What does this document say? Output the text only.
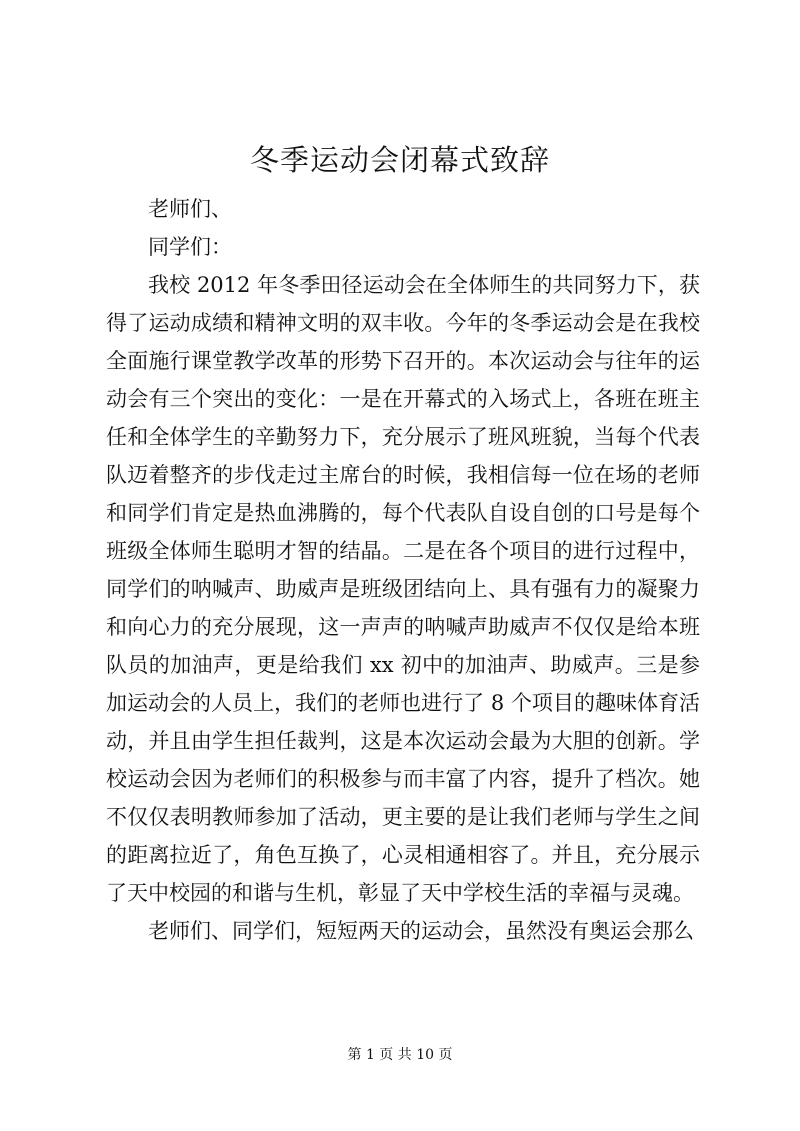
冬季运动会闭幕式致辞
老师们、
同学们：
我校 2012 年冬季田径运动会在全体师生的共同努力下，获
得了运动成绩和精神文明的双丰收。今年的冬季运动会是在我校
全面施行课堂教学改革的形势下召开的。本次运动会与往年的运
动会有三个突出的变化：一是在开幕式的入场式上，各班在班主
任和全体学生的辛勤努力下，充分展示了班风班貌，当每个代表
队迈着整齐的步伐走过主席台的时候，我相信每一位在场的老师
和同学们肯定是热血沸腾的，每个代表队自设自创的口号是每个
班级全体师生聪明才智的结晶。二是在各个项目的进行过程中，
同学们的呐喊声、助威声是班级团结向上、具有强有力的凝聚力
和向心力的充分展现，这一声声的呐喊声助威声不仅仅是给本班
队员的加油声，更是给我们 xx 初中的加油声、助威声。三是参
加运动会的人员上，我们的老师也进行了 8 个项目的趣味体育活
动，并且由学生担任裁判，这是本次运动会最为大胆的创新。学
校运动会因为老师们的积极参与而丰富了内容，提升了档次。她
不仅仅表明教师参加了活动，更主要的是让我们老师与学生之间
的距离拉近了，角色互换了，心灵相通相容了。并且，充分展示
了天中校园的和谐与生机，彰显了天中学校生活的幸福与灵魂。
老师们、同学们，短短两天的运动会，虽然没有奥运会那么
第 1 页 共 10 页
